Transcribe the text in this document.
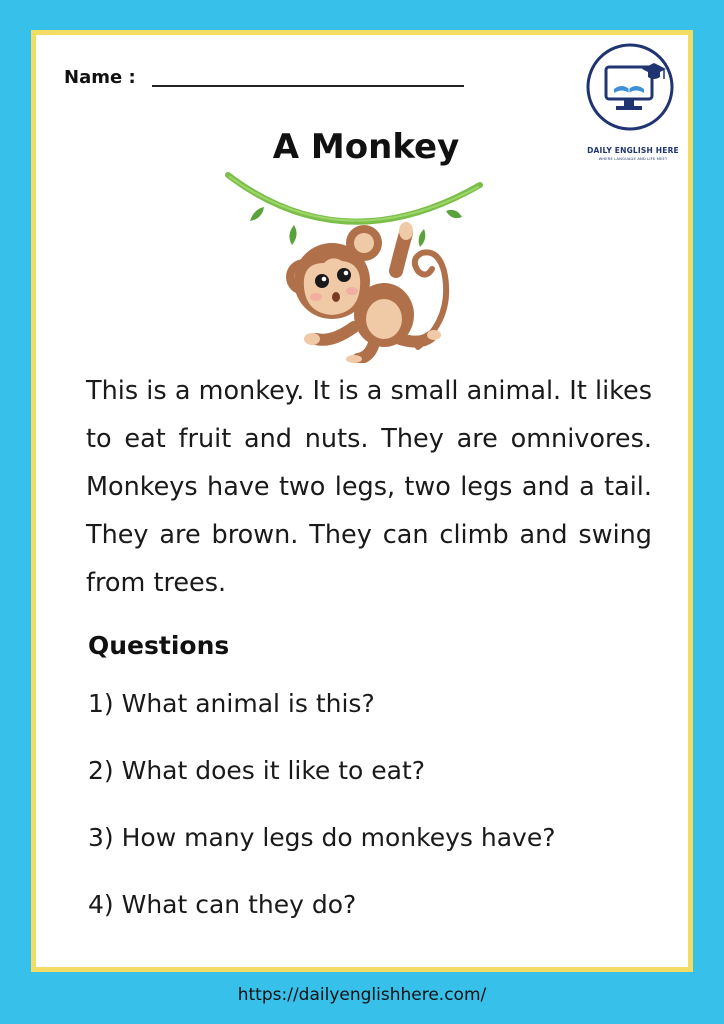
Name :
DAILY ENGLISH HERE
WHERE LANGUAGE AND LIFE MEET
A Monkey
This is a monkey. It is a small animal. It likes to eat fruit and nuts. They are omnivores. Monkeys have two legs, two legs and a tail. They are brown. They can climb and swing from trees.
Questions
1) What animal is this?
2) What does it like to eat?
3) How many legs do monkeys have?
4) What can they do?
https://dailyenglishhere.com/
